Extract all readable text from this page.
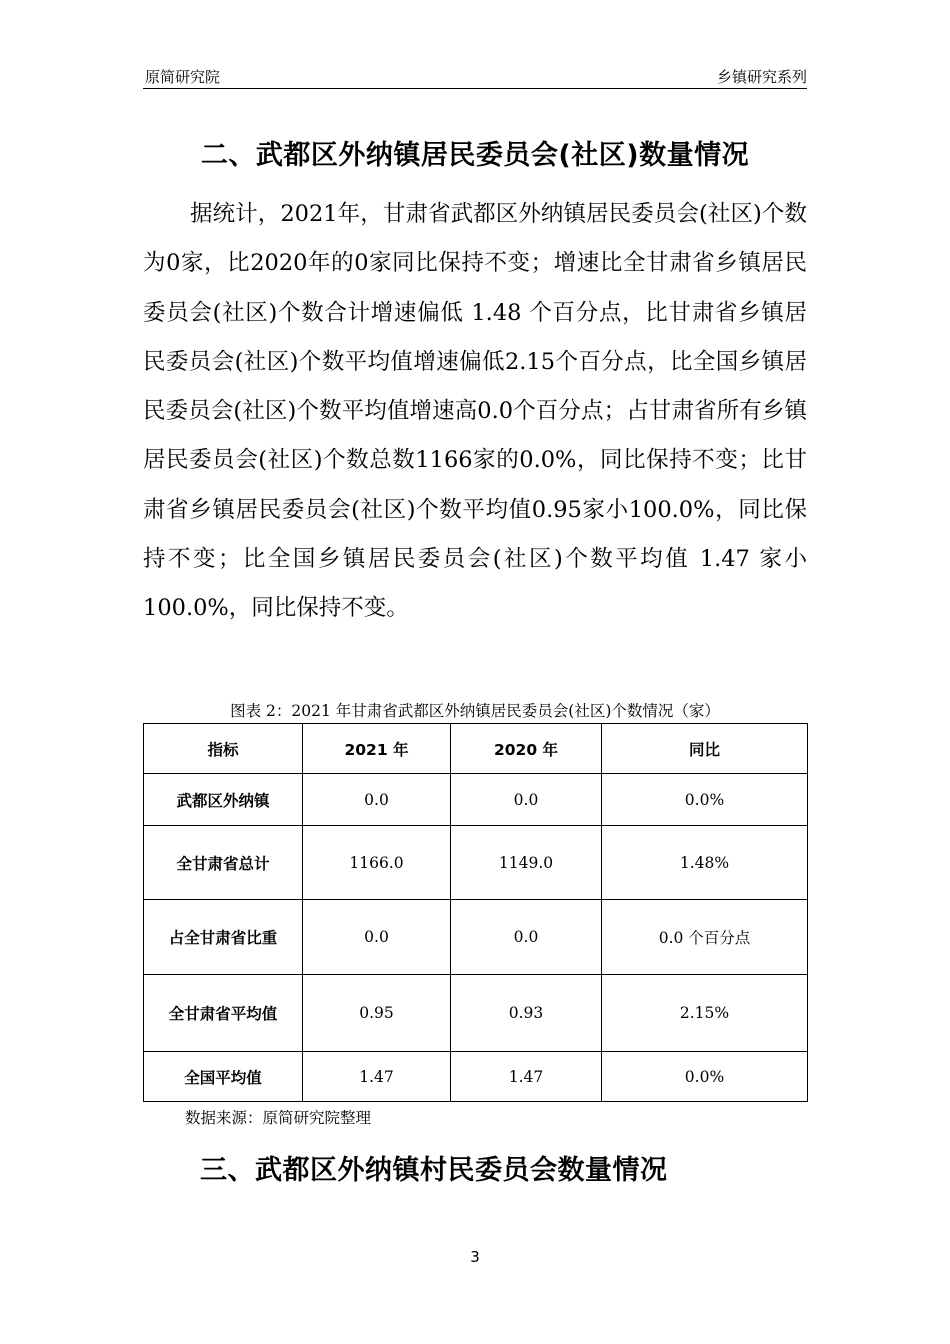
原简研究院	乡镇研究系列
二、武都区外纳镇居民委员会(社区)数量情况
据统计，2021年，甘肃省武都区外纳镇居民委员会(社区)个数为0家，比2020年的0家同比保持不变；增速比全甘肃省乡镇居民委员会(社区)个数合计增速偏低 1.48 个百分点，比甘肃省乡镇居民委员会(社区)个数平均值增速偏低2.15个百分点，比全国乡镇居民委员会(社区)个数平均值增速高0.0个百分点；占甘肃省所有乡镇居民委员会(社区)个数总数1166家的0.0%，同比保持不变；比甘肃省乡镇居民委员会(社区)个数平均值0.95家小100.0%，同比保持不变；比全国乡镇居民委员会(社区)个数平均值 1.47 家小100.0%，同比保持不变。
图表 2：2021 年甘肃省武都区外纳镇居民委员会(社区)个数情况（家）
指标	2021 年	2020 年	同比
武都区外纳镇	0.0	0.0	0.0%
全甘肃省总计	1166.0	1149.0	1.48%
占全甘肃省比重	0.0	0.0	0.0 个百分点
全甘肃省平均值	0.95	0.93	2.15%
全国平均值	1.47	1.47	0.0%
数据来源：原简研究院整理
三、武都区外纳镇村民委员会数量情况
3
